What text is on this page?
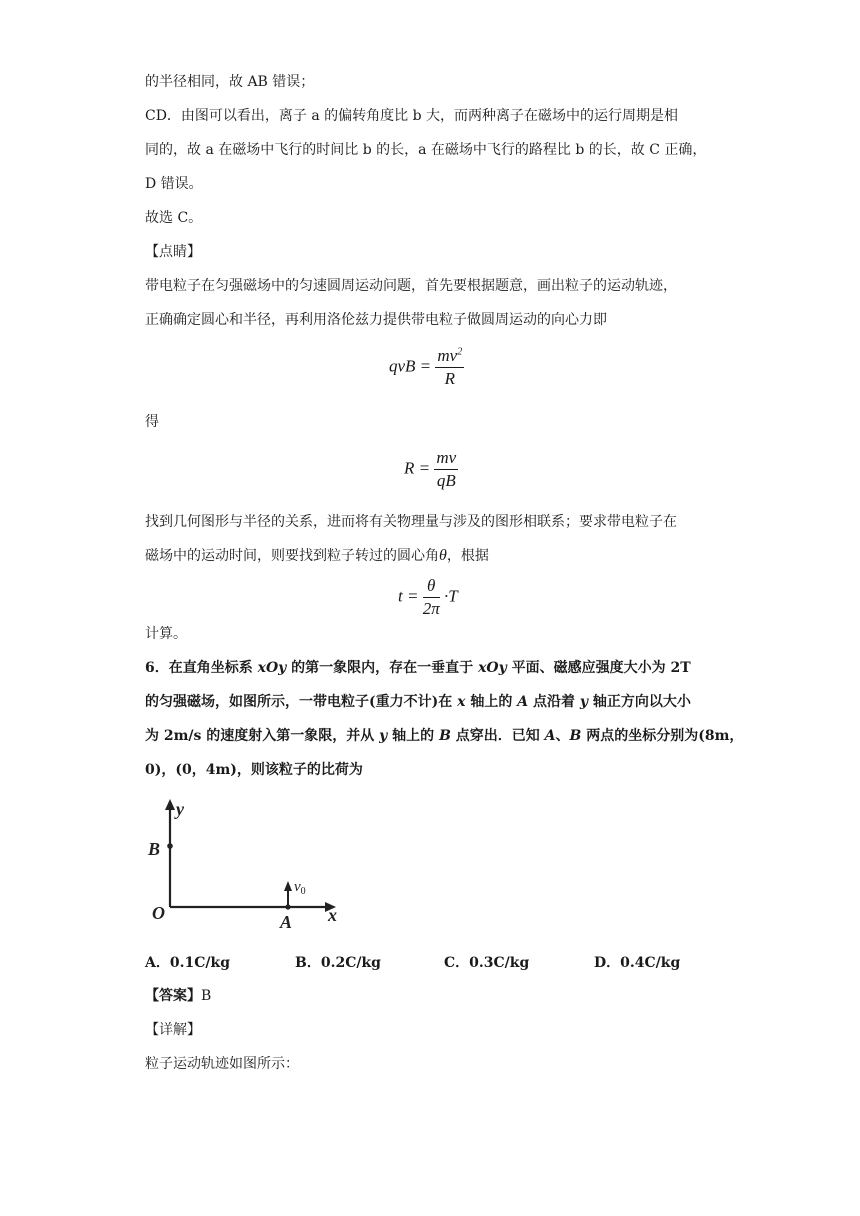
的半径相同，故 AB 错误；
CD．由图可以看出，离子 a 的偏转角度比 b 大，而两种离子在磁场中的运行周期是相
同的，故 a 在磁场中飞行的时间比 b 的长，a 在磁场中飞行的路程比 b 的长，故 C 正确，
D 错误。
故选 C。
【点睛】
带电粒子在匀强磁场中的匀速圆周运动问题，首先要根据题意，画出粒子的运动轨迹，
正确确定圆心和半径，再利用洛伦兹力提供带电粒子做圆周运动的向心力即
qvB = $\frac{mv^2}{R}$
得
$R = \frac{mv}{qB}$
找到几何图形与半径的关系，进而将有关物理量与涉及的图形相联系；要求带电粒子在
磁场中的运动时间，则要找到粒子转过的圆心角θ，根据
$t = \frac{\theta}{2\pi} \cdot T$
计算。
6．在直角坐标系 xOy 的第一象限内，存在一垂直于 xOy 平面、磁感应强度大小为 2T
的匀强磁场，如图所示，一带电粒子(重力不计)在 x 轴上的 A 点沿着 y 轴正方向以大小
为 2m/s 的速度射入第一象限，并从 y 轴上的 B 点穿出．已知 A、B 两点的坐标分别为(8m，
0)，(0，4m)，则该粒子的比荷为
y
B
O	A x
$v_0$
A．0.1C/kg	B．0.2C/kg	C．0.3C/kg	D．0.4C/kg
【答案】B
【详解】
粒子运动轨迹如图所示：
